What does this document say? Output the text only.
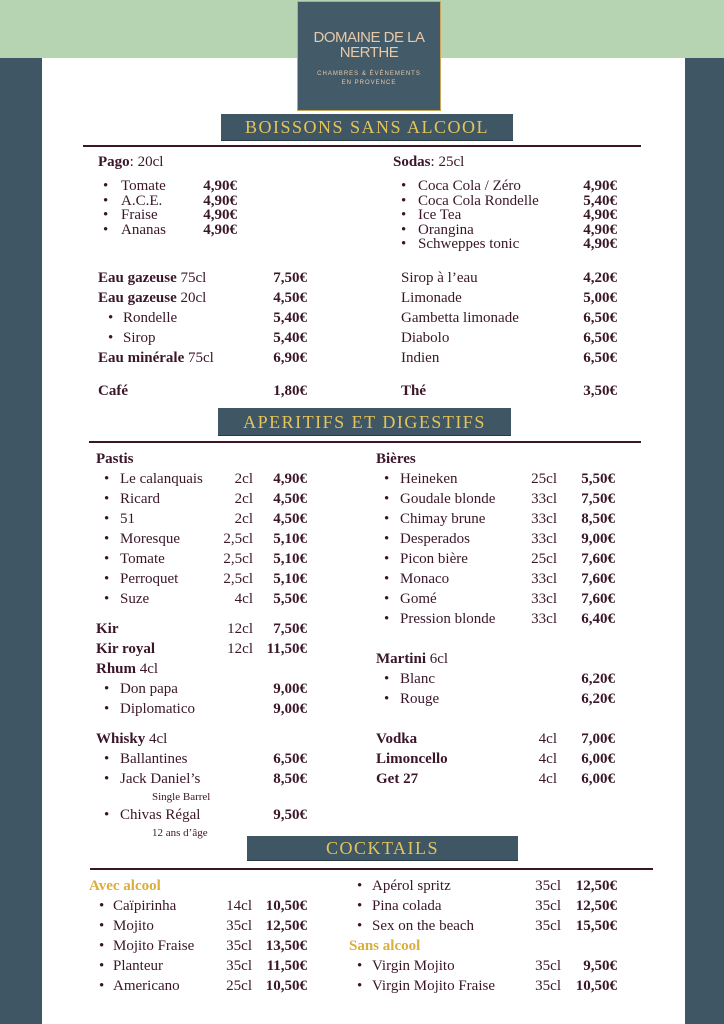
DOMAINE DE LA
NERTHE
CHAMBRES & ÉVÉNEMENTS
EN PROVENCE
BOISSONS SANS ALCOOL
APERITIFS ET DIGESTIFS
COCKTAILS
Pago: 20cl
• Tomate 4,90€
• A.C.E.	4,90€
• Fraise	4,90€
• Ananas 4,90€
Sodas: 25cl
• Coca Cola / Zéro	4,90€
• Coca Cola Rondelle	5,40€
• Ice Tea	4,90€
• Orangina	4,90€
• Schweppes tonic	4,90€
Eau gazeuse 75cl	7,50€
Eau gazeuse 20cl	4,50€
• Rondelle	5,40€
• Sirop	5,40€
Eau minérale 75cl	6,90€
Café	1,80€
Sirop à l’eau	4,20€
Limonade	5,00€
Gambetta limonade	6,50€
Diabolo	6,50€
Indien	6,50€
Thé	3,50€
Pastis
• Le calanquais 2cl 4,90€
• Ricard	2cl 4,50€
• 51	2cl 4,50€
• Moresque	2,5cl 5,10€
• Tomate	2,5cl 5,10€
• Perroquet	2,5cl 5,10€
• Suze	4cl 5,50€
Kir	12cl 7,50€
Kir royal	12cl 11,50€
Rhum 4cl
• Don papa	9,00€
• Diplomatico	9,00€
Whisky 4cl
• Ballantines	6,50€
• Jack Daniel’s	8,50€
Single Barrel
• Chivas Régal	9,50€
12 ans d’âge
Bières
• Heineken	25cl 5,50€
• Goudale blonde 33cl 7,50€
• Chimay brune	33cl 8,50€
• Desperados	33cl 9,00€
• Picon bière	25cl 7,60€
• Monaco	33cl 7,60€
• Gomé	33cl 7,60€
• Pression blonde 33cl 6,40€
Martini 6cl
• Blanc	6,20€
• Rouge	6,20€
Vodka	4cl 7,00€
Limoncello	4cl 6,00€
Get 27	4cl 6,00€
Avec alcool
• Caïpirinha	14cl 10,50€
• Mojito	35cl 12,50€
• Mojito Fraise 35cl 13,50€
• Planteur	35cl 11,50€
• Americano	25cl 10,50€
• Apérol spritz	35cl 12,50€
• Pina colada	35cl 12,50€
• Sex on the beach	35cl 15,50€
Sans alcool
• Virgin Mojito	35cl 9,50€
• Virgin Mojito Fraise	35cl 10,50€
